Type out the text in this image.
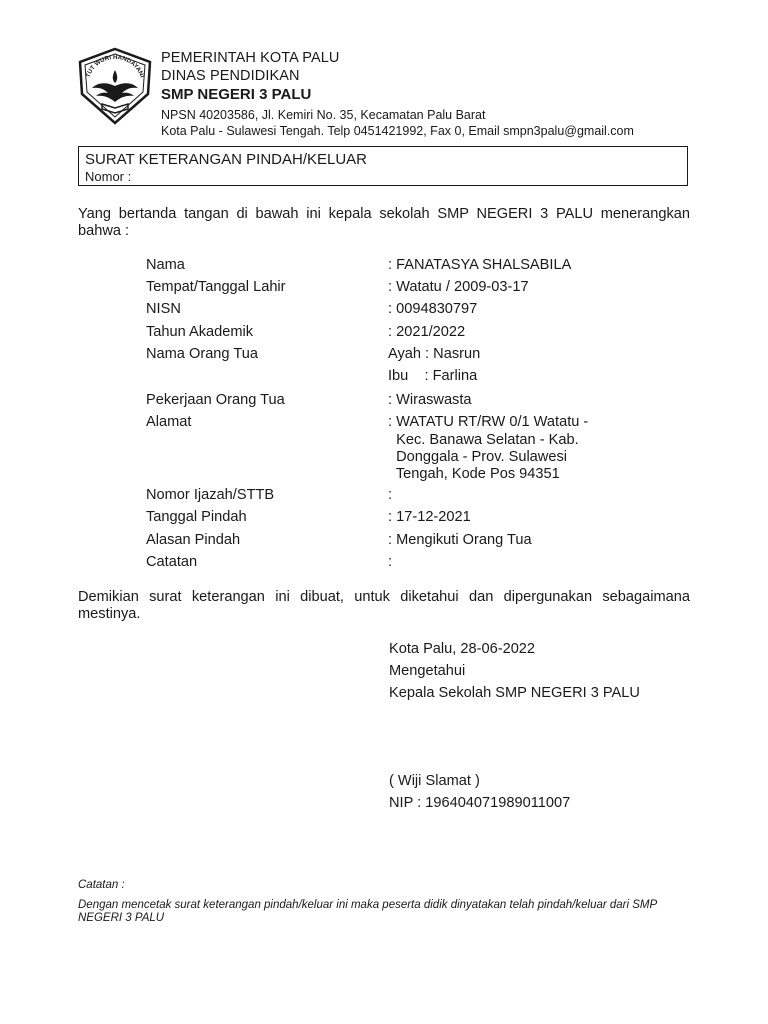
TUT WURI HANDAYANI
PEMERINTAH KOTA PALU
DINAS PENDIDIKAN
SMP NEGERI 3 PALU
NPSN 40203586, Jl. Kemiri No. 35, Kecamatan Palu Barat
Kota Palu - Sulawesi Tengah. Telp 0451421992, Fax 0, Email smpn3palu@gmail.com
SURAT KETERANGAN PINDAH/KELUAR
Nomor :
Yang bertanda tangan di bawah ini kepala sekolah SMP NEGERI 3 PALU menerangkan bahwa :
Nama	: FANATASYA SHALSABILA
Tempat/Tanggal Lahir	: Watatu / 2009-03-17
NISN	: 0094830797
Tahun Akademik	: 2021/2022
Nama Orang Tua	Ayah : Nasrun
Ibu    : Farlina
Pekerjaan Orang Tua	: Wiraswasta
Alamat	: WATATU RT/RW 0/1 Watatu -
Kec. Banawa Selatan - Kab.
Donggala - Prov. Sulawesi
Tengah, Kode Pos 94351
Nomor Ijazah/STTB	:
Tanggal Pindah	: 17-12-2021
Alasan Pindah	: Mengikuti Orang Tua
Catatan	:
Demikian surat keterangan ini dibuat, untuk diketahui dan dipergunakan sebagaimana mestinya.
Kota Palu, 28-06-2022
Mengetahui
Kepala Sekolah SMP NEGERI 3 PALU
( Wiji Slamat )
NIP : 196404071989011007
Catatan :
Dengan mencetak surat keterangan pindah/keluar ini maka peserta didik dinyatakan telah pindah/keluar dari SMP NEGERI 3 PALU
